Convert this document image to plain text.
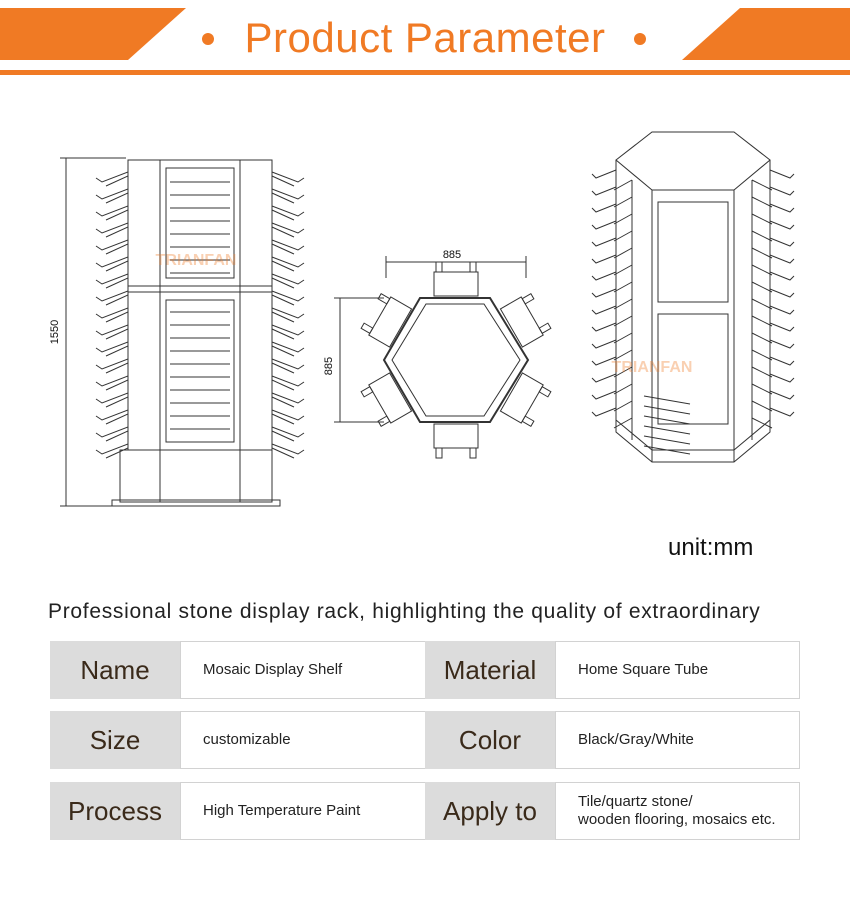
Product Parameter
1550
TRIANFAN	885
885	TRIANFAN
unit:mm
Professional stone display rack, highlighting the quality of extraordinary
Name	Mosaic Display Shelf	Material	Home Square Tube
Size	customizable	Color	Black/Gray/White
Process	High Temperature Paint	Apply to	Tile/quartz stone/
wooden flooring, mosaics etc.
